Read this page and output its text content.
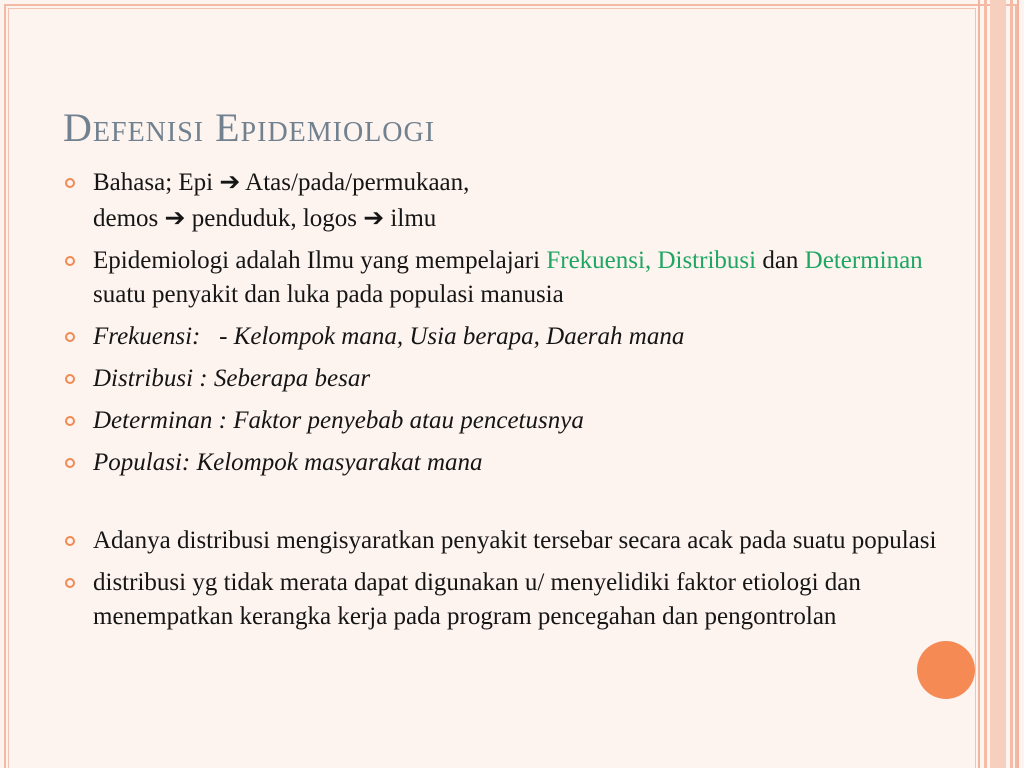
Defenisi Epidemiologi
Bahasa; Epi ➔ Atas/pada/permukaan,
demos ➔ penduduk, logos ➔ ilmu
Epidemiologi adalah Ilmu yang mempelajari Frekuensi, Distribusi dan Determinan suatu penyakit dan luka pada populasi manusia
Frekuensi:   - Kelompok mana, Usia berapa, Daerah mana
Distribusi : Seberapa besar
Determinan : Faktor penyebab atau pencetusnya
Populasi: Kelompok masyarakat mana
Adanya distribusi mengisyaratkan penyakit tersebar secara acak pada suatu populasi
distribusi yg tidak merata dapat digunakan u/ menyelidiki faktor etiologi dan menempatkan kerangka kerja pada program pencegahan dan pengontrolan
